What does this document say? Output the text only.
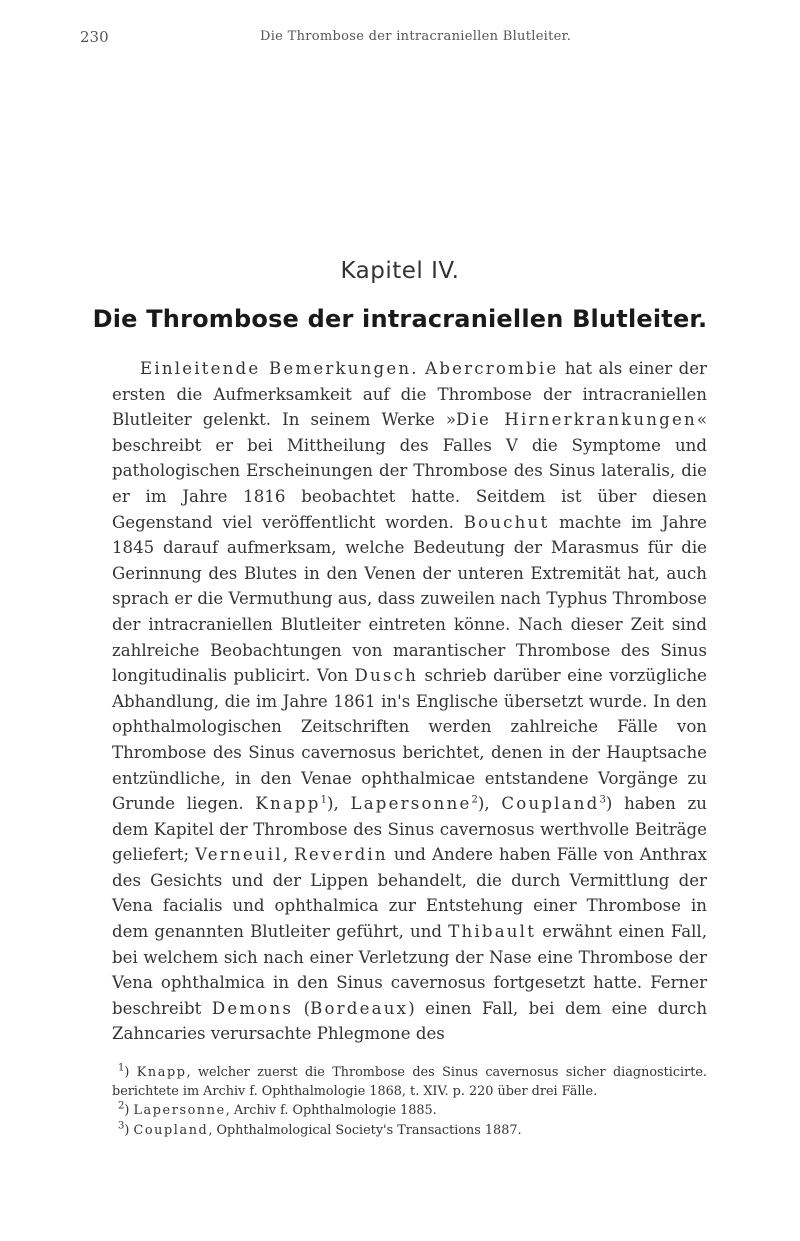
230	Die Thrombose der intracraniellen Blutleiter.
Kapitel IV.
Die Thrombose der intracraniellen Blutleiter.

Einleitende Bemerkungen. Abercrombie hat als einer der ersten die Aufmerksamkeit auf die Thrombose der intracraniellen Blutleiter gelenkt. In seinem Werke »Die Hirnerkrankungen« beschreibt er bei Mittheilung des Falles V die Symptome und pathologischen Erscheinungen der Thrombose des Sinus lateralis, die er im Jahre 1816 beobachtet hatte. Seitdem ist über diesen Gegenstand viel veröffentlicht worden. Bouchut machte im Jahre 1845 darauf aufmerksam, welche Bedeutung der Marasmus für die Gerinnung des Blutes in den Venen der unteren Extremität hat, auch sprach er die Vermuthung aus, dass zuweilen nach Typhus Thrombose der intracraniellen Blutleiter eintreten könne. Nach dieser Zeit sind zahlreiche Beobachtungen von marantischer Thrombose des Sinus longitudinalis publicirt. Von Dusch schrieb darüber eine vorzügliche Abhandlung, die im Jahre 1861 in's Englische übersetzt wurde. In den ophthalmologischen Zeitschriften werden zahlreiche Fälle von Thrombose des Sinus cavernosus berichtet, denen in der Hauptsache entzündliche, in den Venae ophthalmicae entstandene Vorgänge zu Grunde liegen. Knapp$^1$), Lapersonne$^2$), Coupland$^3$) haben zu dem Kapitel der Thrombose des Sinus cavernosus werthvolle Beiträge geliefert; Verneuil, Reverdin und Andere haben Fälle von Anthrax des Gesichts und der Lippen behandelt, die durch Vermittlung der Vena facialis und ophthalmica zur Entstehung einer Thrombose in dem genannten Blutleiter geführt, und Thibault erwähnt einen Fall, bei welchem sich nach einer Verletzung der Nase eine Thrombose der Vena ophthalmica in den Sinus cavernosus fortgesetzt hatte. Ferner beschreibt Demons (Bordeaux) einen Fall, bei dem eine durch Zahncaries verursachte Phlegmone des

$^1$) Knapp, welcher zuerst die Thrombose des Sinus cavernosus sicher diagnosticirte. berichtete im Archiv f. Ophthalmologie 1868, t. XIV. p. 220 über drei Fälle.

$^2$) Lapersonne, Archiv f. Ophthalmologie 1885.

$^3$) Coupland, Ophthalmological Society's Transactions 1887.
